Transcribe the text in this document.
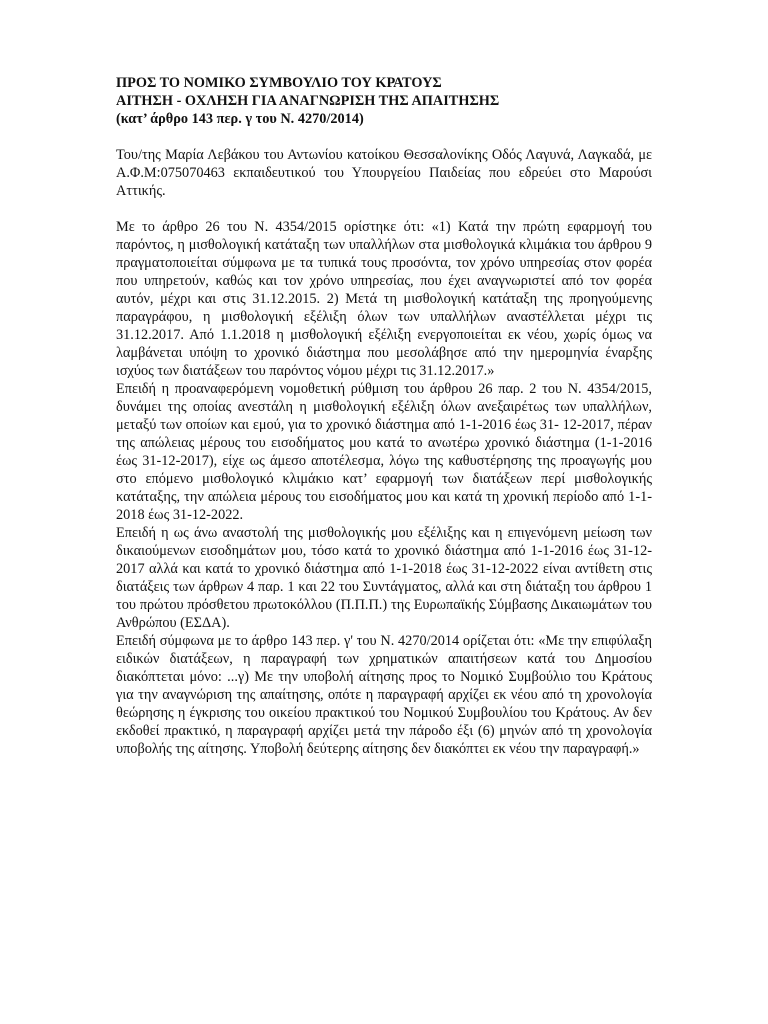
ΠΡΟΣ ΤΟ ΝΟΜΙΚΟ ΣΥΜΒΟΥΛΙΟ ΤΟΥ ΚΡΑΤΟΥΣ
ΑΙΤΗΣΗ - ΟΧΛΗΣΗ ΓΙΑ ΑΝΑΓΝΩΡΙΣΗ ΤΗΣ ΑΠΑΙΤΗΣΗΣ
(κατ’ άρθρο 143 περ. γ του Ν. 4270/2014)

Του/της Μαρία Λεβάκου του Αντωνίου κατοίκου Θεσσαλονίκης Οδός Λαγυνά, Λαγκαδά, με Α.Φ.Μ:075070463 εκπαιδευτικού του Υπουργείου Παιδείας που εδρεύει στο Μαρούσι Αττικής.

Με το άρθρο 26 του Ν. 4354/2015 ορίστηκε ότι: «1) Κατά την πρώτη εφαρμογή του παρόντος, η μισθολογική κατάταξη των υπαλλήλων στα μισθολογικά κλιμάκια του άρθρου 9 πραγματοποιείται σύμφωνα με τα τυπικά τους προσόντα, τον χρόνο υπηρεσίας στον φορέα που υπηρετούν, καθώς και τον χρόνο υπηρεσίας, που έχει αναγνωριστεί από τον φορέα αυτόν, μέχρι και στις 31.12.2015. 2) Μετά τη μισθολογική κατάταξη της προηγούμενης παραγράφου, η μισθολογική εξέλιξη όλων των υπαλλήλων αναστέλλεται μέχρι τις 31.12.2017. Από 1.1.2018 η μισθολογική εξέλιξη ενεργοποιείται εκ νέου, χωρίς όμως να λαμβάνεται υπόψη το χρονικό διάστημα που μεσολάβησε από την ημερομηνία έναρξης ισχύος των διατάξεων του παρόντος νόμου μέχρι τις 31.12.2017.»

Επειδή η προαναφερόμενη νομοθετική ρύθμιση του άρθρου 26 παρ. 2 του Ν. 4354/2015, δυνάμει της οποίας ανεστάλη η μισθολογική εξέλιξη όλων ανεξαιρέτως των υπαλλήλων, μεταξύ των οποίων και εμού, για το χρονικό διάστημα από 1-1-2016 έως 31- 12-2017, πέραν της απώλειας μέρους του εισοδήματος μου κατά το ανωτέρω χρονικό διάστημα (1-1-2016 έως 31-12-2017), είχε ως άμεσο αποτέλεσμα, λόγω της καθυστέρησης της προαγωγής μου στο επόμενο μισθολογικό κλιμάκιο κατ’ εφαρμογή των διατάξεων περί μισθολογικής κατάταξης, την απώλεια μέρους του εισοδήματος μου και κατά τη χρονική περίοδο από 1-1-2018 έως 31-12-2022.

Επειδή η ως άνω αναστολή της μισθολογικής μου εξέλιξης και η επιγενόμενη μείωση των δικαιούμενων εισοδημάτων μου, τόσο κατά το χρονικό διάστημα από 1-1-2016 έως 31-12-2017 αλλά και κατά το χρονικό διάστημα από 1-1-2018 έως 31-12-2022 είναι αντίθετη στις διατάξεις των άρθρων 4 παρ. 1 και 22 του Συντάγματος, αλλά και στη διάταξη του άρθρου 1 του πρώτου πρόσθετου πρωτοκόλλου (Π.Π.Π.) της Ευρωπαϊκής Σύμβασης Δικαιωμάτων του Ανθρώπου (ΕΣΔΑ).

Επειδή σύμφωνα με το άρθρο 143 περ. γ' του Ν. 4270/2014 ορίζεται ότι: «Με την επιφύλαξη ειδικών διατάξεων, η παραγραφή των χρηματικών απαιτήσεων κατά του Δημοσίου διακόπτεται μόνο: ...γ) Με την υποβολή αίτησης προς το Νομικό Συμβούλιο του Κράτους για την αναγνώριση της απαίτησης, οπότε η παραγραφή αρχίζει εκ νέου από τη χρονολογία θεώρησης η έγκρισης του οικείου πρακτικού του Νομικού Συμβουλίου του Κράτους. Αν δεν εκδοθεί πρακτικό, η παραγραφή αρχίζει μετά την πάροδο έξι (6) μηνών από τη χρονολογία υποβολής της αίτησης. Υποβολή δεύτερης αίτησης δεν διακόπτει εκ νέου την παραγραφή.»
